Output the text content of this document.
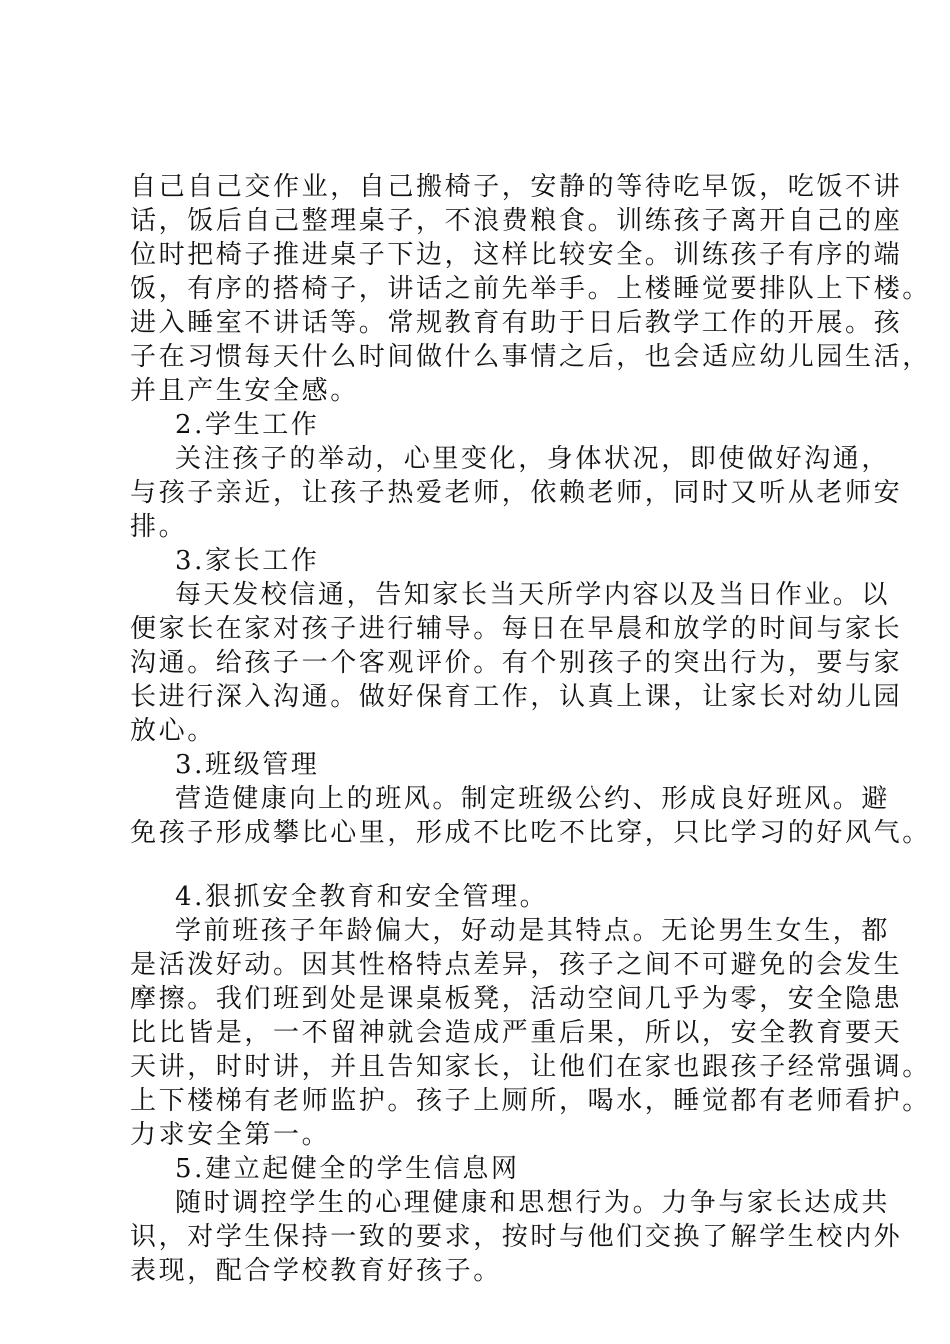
自己自己交作业，自己搬椅子，安静的等待吃早饭，吃饭不讲
话，饭后自己整理桌子，不浪费粮食。训练孩子离开自己的座
位时把椅子推进桌子下边，这样比较安全。训练孩子有序的端
饭，有序的搭椅子，讲话之前先举手。上楼睡觉要排队上下楼。
进入睡室不讲话等。常规教育有助于日后教学工作的开展。孩
子在习惯每天什么时间做什么事情之后，也会适应幼儿园生活，
并且产生安全感。
2.学生工作
关注孩子的举动，心里变化，身体状况，即使做好沟通，
与孩子亲近，让孩子热爱老师，依赖老师，同时又听从老师安
排。
3.家长工作
每天发校信通，告知家长当天所学内容以及当日作业。以
便家长在家对孩子进行辅导。每日在早晨和放学的时间与家长
沟通。给孩子一个客观评价。有个别孩子的突出行为，要与家
长进行深入沟通。做好保育工作，认真上课，让家长对幼儿园
放心。
3.班级管理
营造健康向上的班风。制定班级公约、形成良好班风。避
免孩子形成攀比心里，形成不比吃不比穿，只比学习的好风气。
4.狠抓安全教育和安全管理。
学前班孩子年龄偏大，好动是其特点。无论男生女生，都
是活泼好动。因其性格特点差异，孩子之间不可避免的会发生
摩擦。我们班到处是课桌板凳，活动空间几乎为零，安全隐患
比比皆是，一不留神就会造成严重后果，所以，安全教育要天
天讲，时时讲，并且告知家长，让他们在家也跟孩子经常强调。
上下楼梯有老师监护。孩子上厕所，喝水，睡觉都有老师看护。
力求安全第一。
5.建立起健全的学生信息网
随时调控学生的心理健康和思想行为。力争与家长达成共
识，对学生保持一致的要求，按时与他们交换了解学生校内外
表现，配合学校教育好孩子。
